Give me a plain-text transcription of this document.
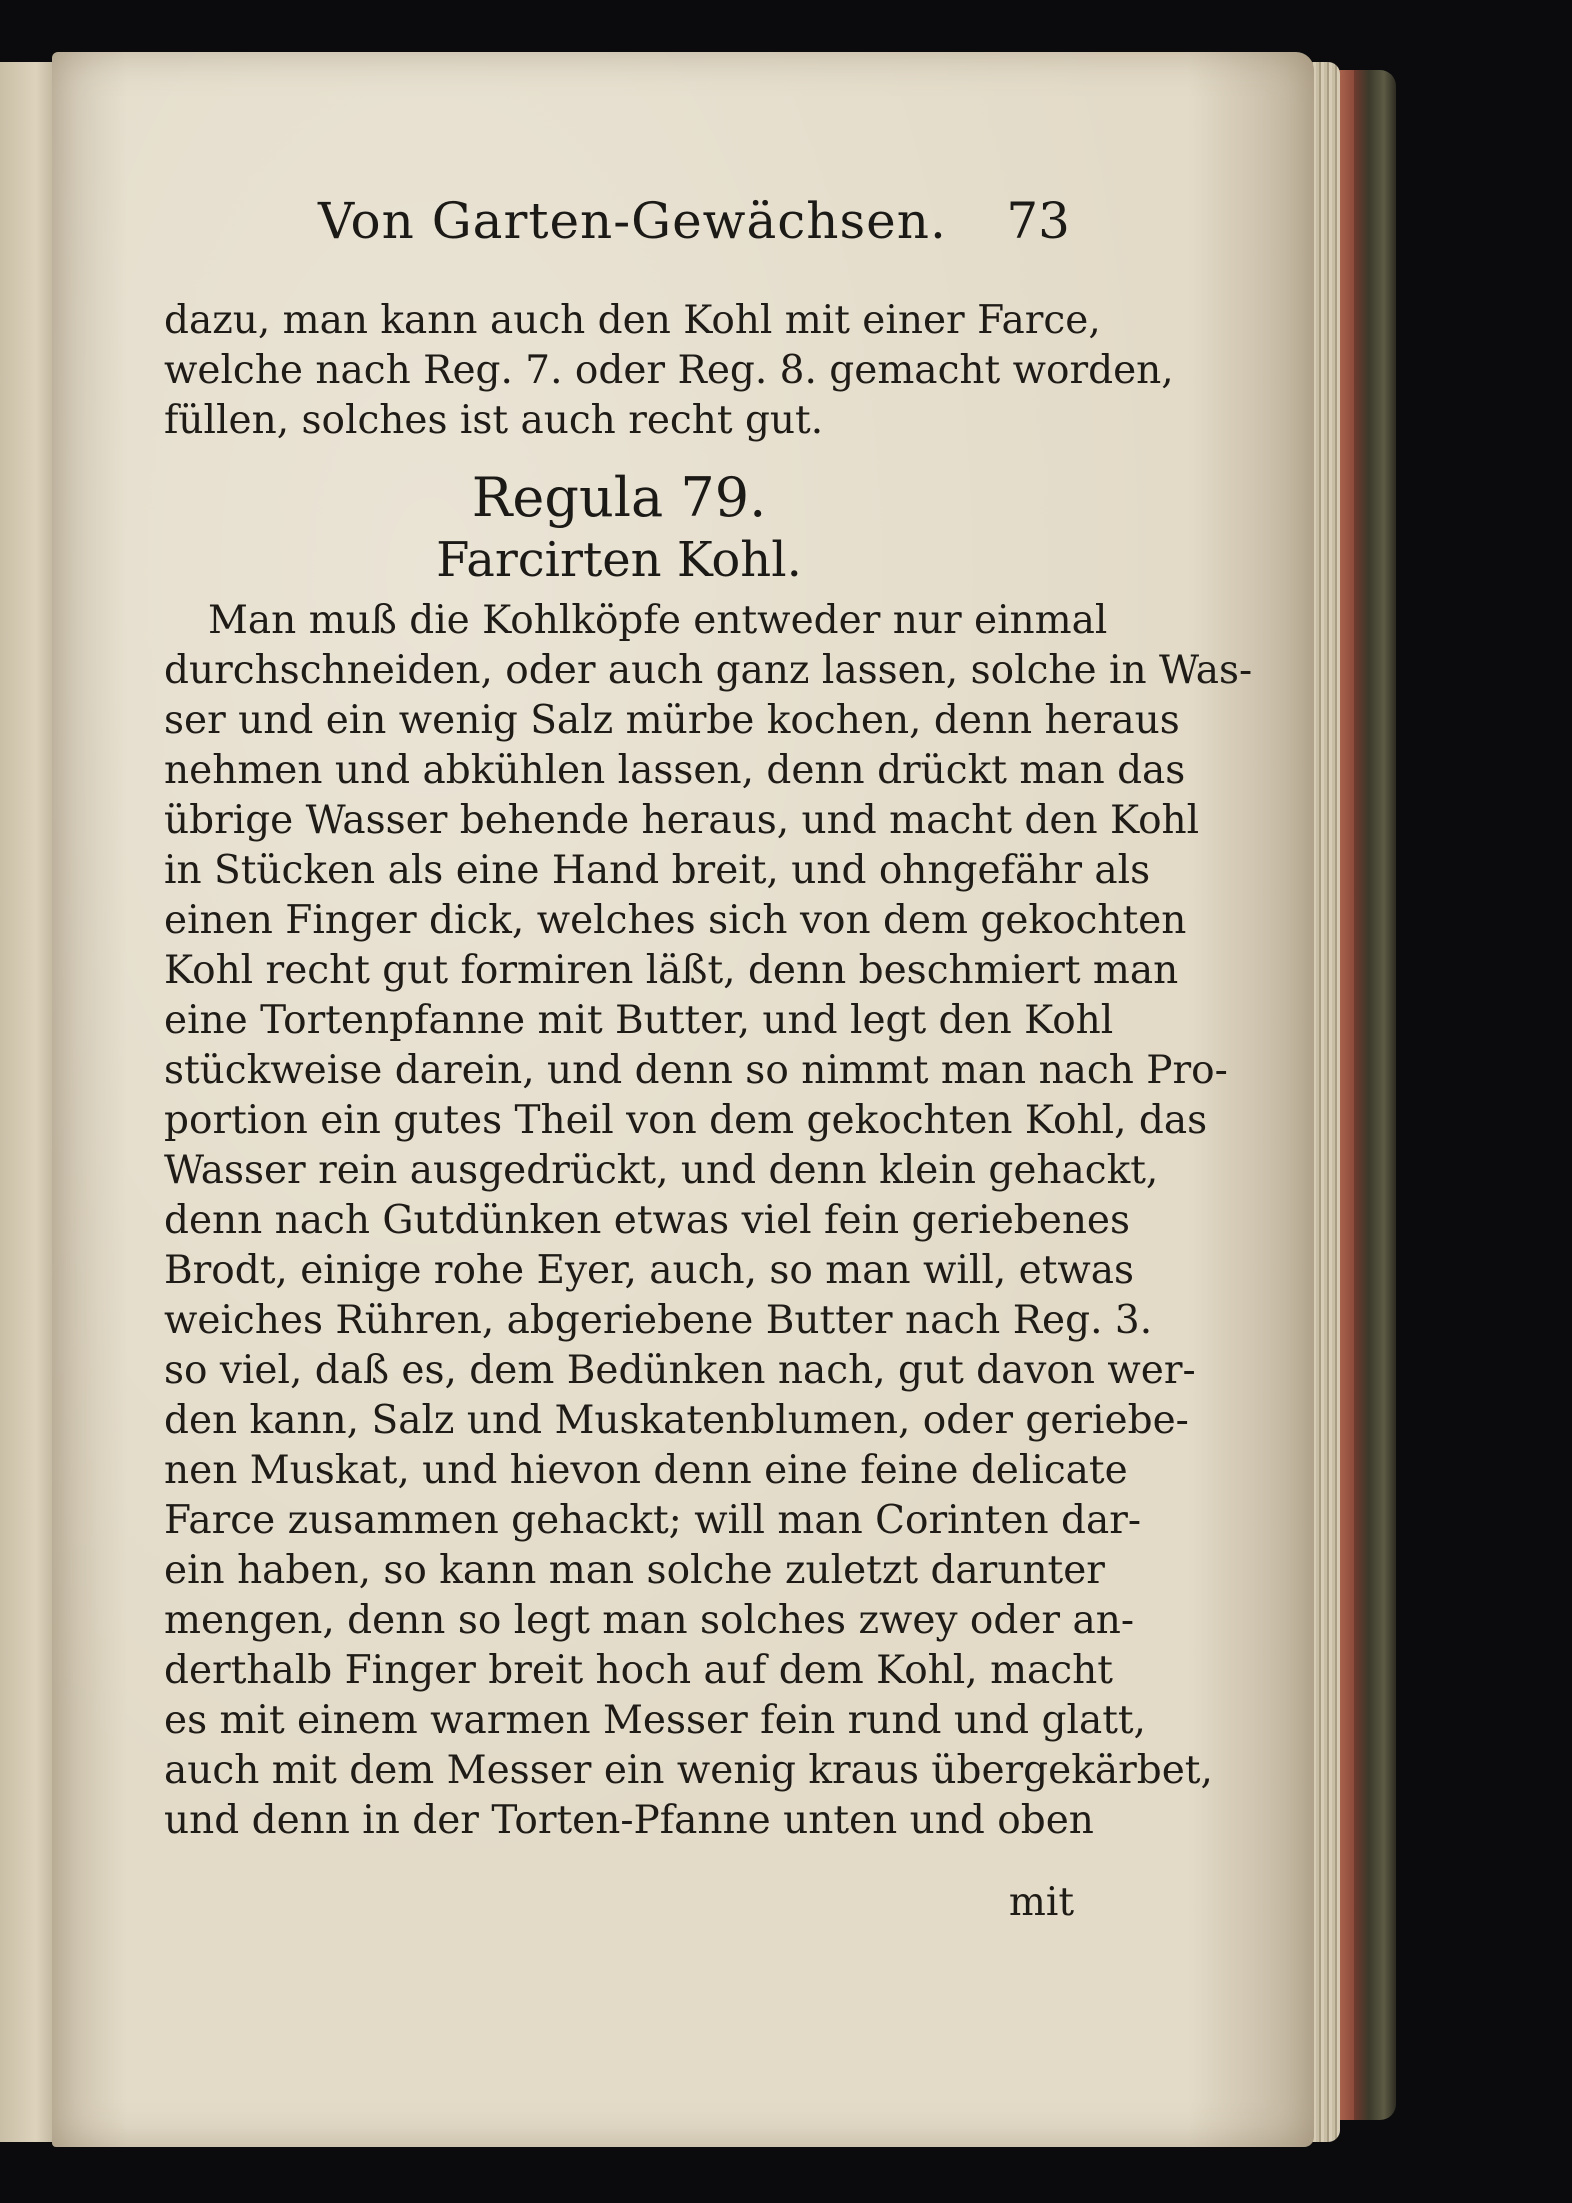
Von Garten-Gewächsen. 73
dazu, man kann auch den Kohl mit einer Farce,
welche nach Reg. 7. oder Reg. 8. gemacht worden,
füllen, solches ist auch recht gut.
Regula 79.
Farcirten Kohl.
Man muß die Kohlköpfe entweder nur einmal
durchschneiden, oder auch ganz lassen, solche in Was-
ser und ein wenig Salz mürbe kochen, denn heraus
nehmen und abkühlen lassen, denn drückt man das
übrige Wasser behende heraus, und macht den Kohl
in Stücken als eine Hand breit, und ohngefähr als
einen Finger dick, welches sich von dem gekochten
Kohl recht gut formiren läßt, denn beschmiert man
eine Tortenpfanne mit Butter, und legt den Kohl
stückweise darein, und denn so nimmt man nach Pro-
portion ein gutes Theil von dem gekochten Kohl, das
Wasser rein ausgedrückt, und denn klein gehackt,
denn nach Gutdünken etwas viel fein geriebenes
Brodt, einige rohe Eyer, auch, so man will, etwas
weiches Rühren, abgeriebene Butter nach Reg. 3.
so viel, daß es, dem Bedünken nach, gut davon wer-
den kann, Salz und Muskatenblumen, oder geriebe-
nen Muskat, und hievon denn eine feine delicate
Farce zusammen gehackt; will man Corinten dar-
ein haben, so kann man solche zuletzt darunter
mengen, denn so legt man solches zwey oder an-
derthalb Finger breit hoch auf dem Kohl, macht
es mit einem warmen Messer fein rund und glatt,
auch mit dem Messer ein wenig kraus übergekärbet,
und denn in der Torten-Pfanne unten und oben
mit
